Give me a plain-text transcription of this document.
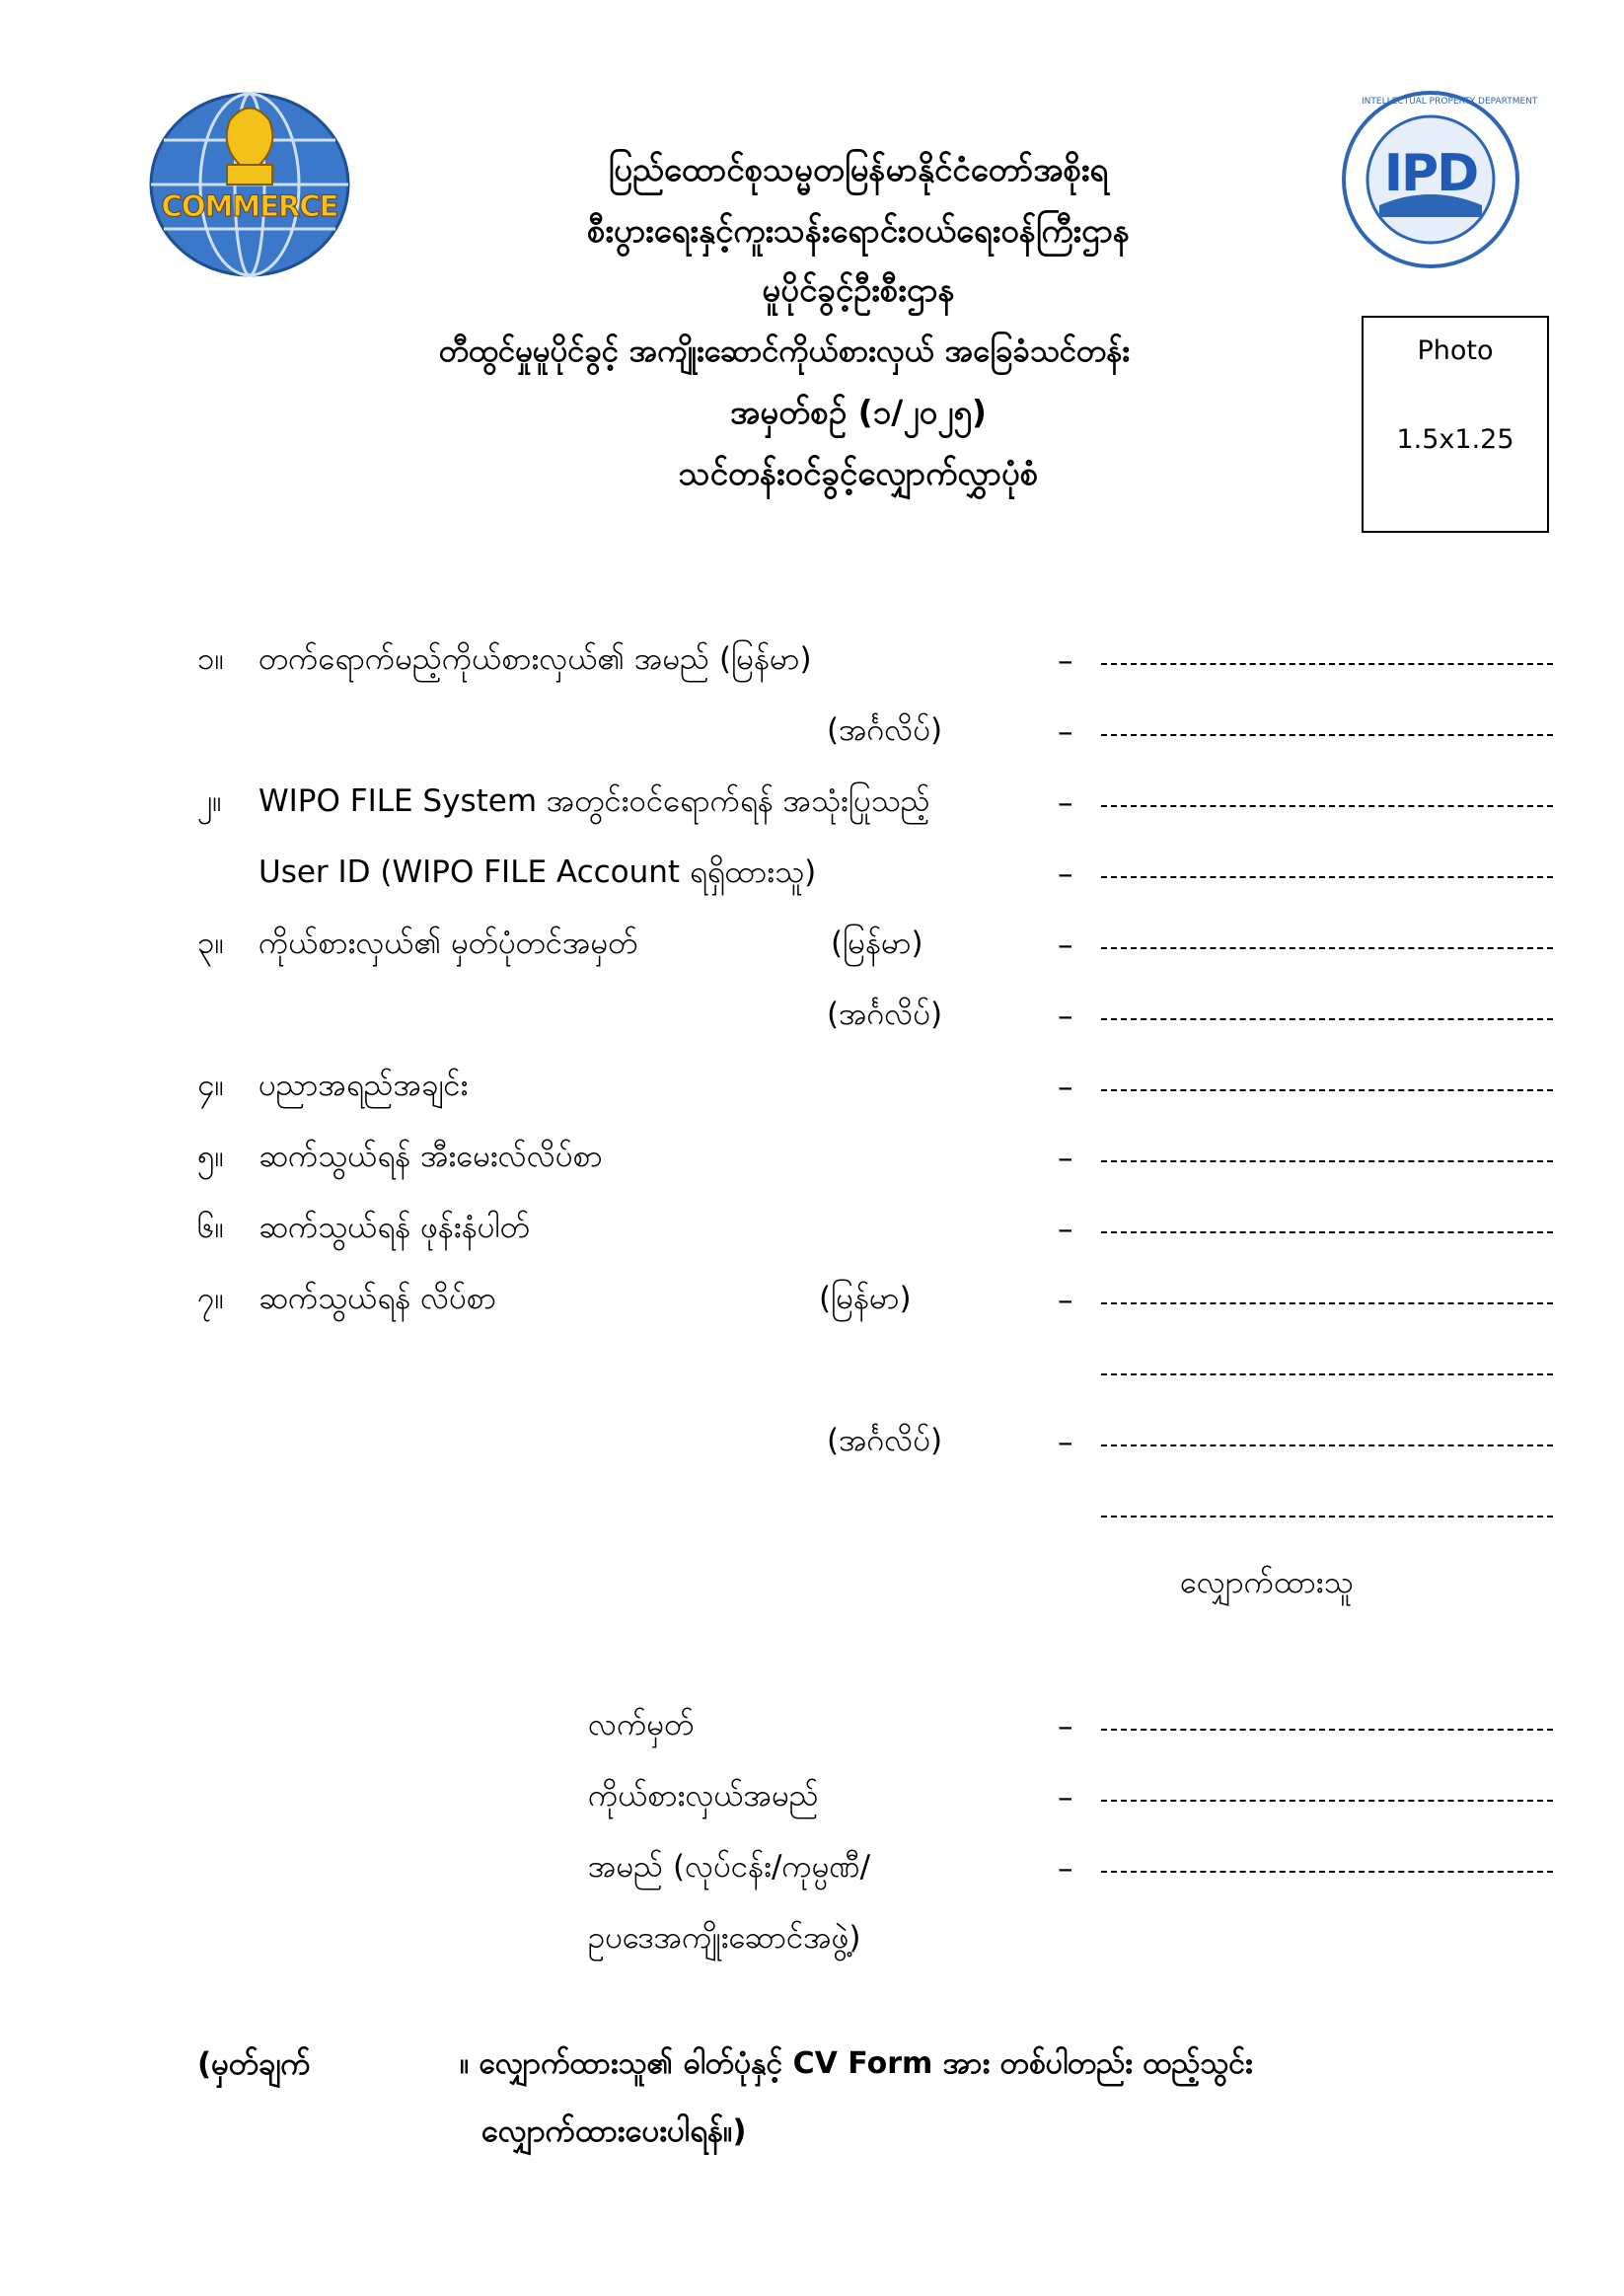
COMMERCE
IPD
INTELLECTUAL PROPERTY DEPARTMENT
ပြည်ထောင်စုသမ္မတမြန်မာနိုင်ငံတော်အစိုးရ
စီးပွားရေးနှင့်ကူးသန်းရောင်းဝယ်ရေးဝန်ကြီးဌာန
မူပိုင်ခွင့်ဦးစီးဌာန
တီထွင်မှုမူပိုင်ခွင့် အကျိုးဆောင်ကိုယ်စားလှယ် အခြေခံသင်တန်း
အမှတ်စဉ် (၁/၂၀၂၅)
သင်တန်းဝင်ခွင့်လျှောက်လွှာပုံစံ
Photo
1.5x1.25
၁။ တက်ရောက်မည့်ကိုယ်စားလှယ်၏ အမည် (မြန်မာ)	–
(အင်္ဂလိပ်)	–
၂။ WIPO FILE System အတွင်းဝင်ရောက်ရန် အသုံးပြုသည့်	–
User ID (WIPO FILE Account ရရှိထားသူ)	–
၃။ ကိုယ်စားလှယ်၏ မှတ်ပုံတင်အမှတ်	(မြန်မာ)	–
(အင်္ဂလိပ်)	–
၄။ ပညာအရည်အချင်း	–
၅။ ဆက်သွယ်ရန် အီးမေးလ်လိပ်စာ	–
၆။ ဆက်သွယ်ရန် ဖုန်းနံပါတ်	–
၇။ ဆက်သွယ်ရန် လိပ်စာ	(မြန်မာ)	–
(အင်္ဂလိပ်)	–
လျှောက်ထားသူ
လက်မှတ်	–
ကိုယ်စားလှယ်အမည်	–
အမည် (လုပ်ငန်း/ကုမ္ပဏီ/	–
ဥပဒေအကျိုးဆောင်အဖွဲ့)
(မှတ်ချက်	။ လျှောက်ထားသူ၏ ဓါတ်ပုံနှင့် CV Form အား တစ်ပါတည်း ထည့်သွင်း
လျှောက်ထားပေးပါရန်။)
